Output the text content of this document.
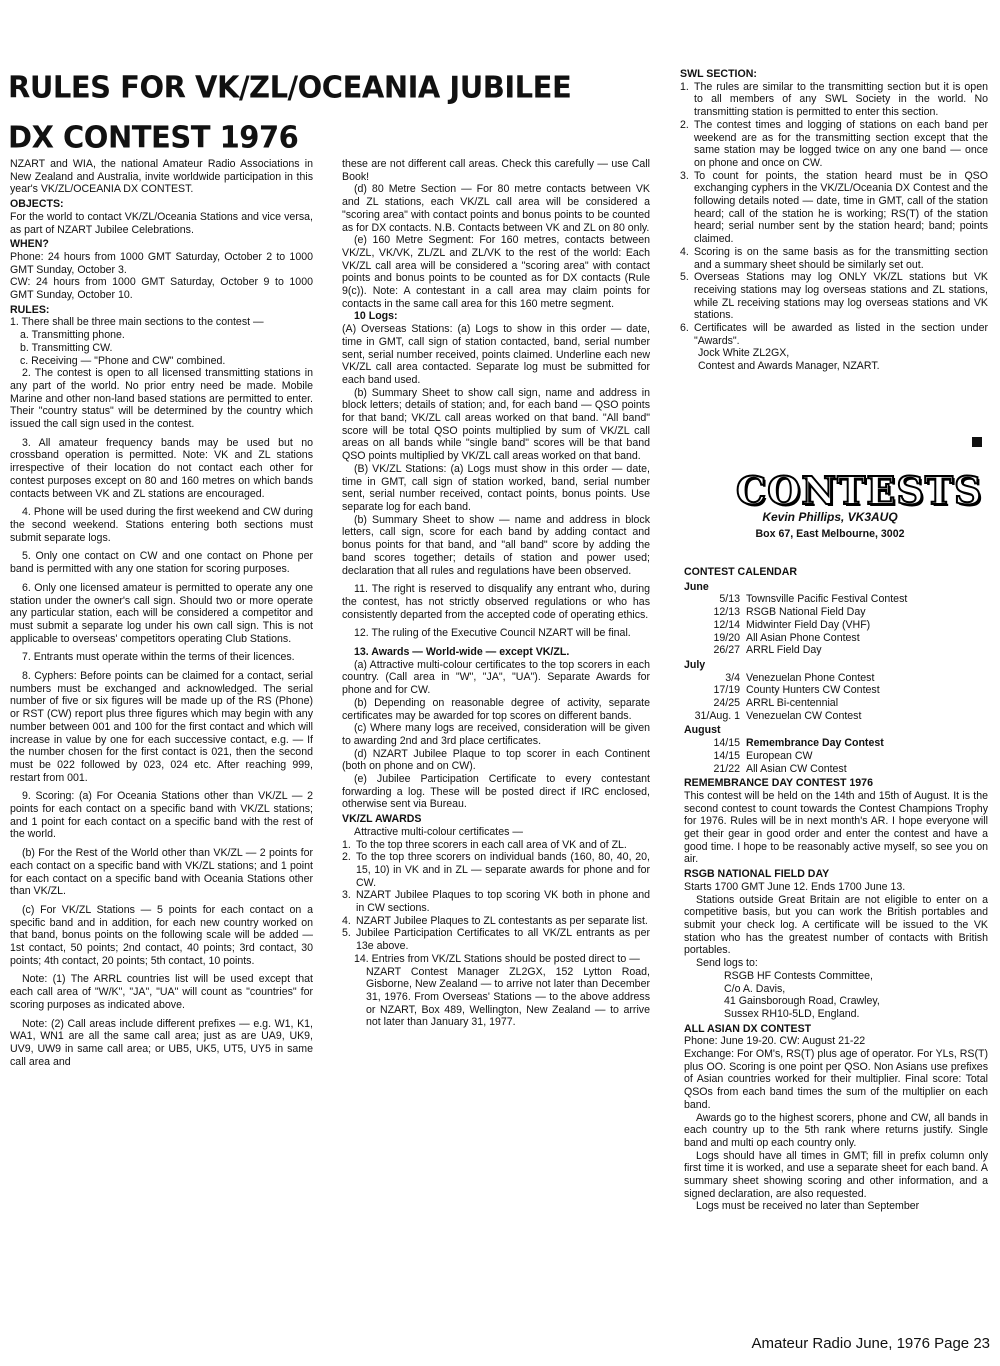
RULES FOR VK/ZL/OCEANIA JUBILEE
DX CONTEST 1976

NZART and WIA, the national Amateur Radio Associations in New Zealand and Australia, invite worldwide participation in this year's VK/ZL/OCEANIA DX CONTEST.

OBJECTS:

For the world to contact VK/ZL/Oceania Stations and vice versa, as part of NZART Jubilee Celebrations.

WHEN?

Phone: 24 hours from 1000 GMT Saturday, October 2 to 1000 GMT Sunday, October 3.

CW: 24 hours from 1000 GMT Saturday, October 9 to 1000 GMT Sunday, October 10.

RULES:

1. There shall be three main sections to the contest —

a. Transmitting phone.

b. Transmitting CW.

c. Receiving — "Phone and CW" combined.

2. The contest is open to all licensed transmitting stations in any part of the world. No prior entry need be made. Mobile Marine and other non-land based stations are permitted to enter. Their "country status" will be determined by the country which issued the call sign used in the contest.

3. All amateur frequency bands may be used but no crossband operation is permitted. Note: VK and ZL stations irrespective of their location do not contact each other for contest purposes except on 80 and 160 metres on which bands contacts between VK and ZL stations are encouraged.

4. Phone will be used during the first weekend and CW during the second weekend. Stations entering both sections must submit separate logs.

5. Only one contact on CW and one contact on Phone per band is permitted with any one station for scoring purposes.

6. Only one licensed amateur is permitted to operate any one station under the owner's call sign. Should two or more operate any particular station, each will be considered a competitor and must submit a separate log under his own call sign. This is not applicable to overseas' competitors operating Club Stations.

7. Entrants must operate within the terms of their licences.

8. Cyphers: Before points can be claimed for a contact, serial numbers must be exchanged and acknowledged. The serial number of five or six figures will be made up of the RS (Phone) or RST (CW) report plus three figures which may begin with any number between 001 and 100 for the first contact and which will increase in value by one for each successive contact, e.g. — If the number chosen for the first contact is 021, then the second must be 022 followed by 023, 024 etc. After reaching 999, restart from 001.

9. Scoring: (a) For Oceania Stations other than VK/ZL — 2 points for each contact on a specific band with VK/ZL stations; and 1 point for each contact on a specific band with the rest of the world.

(b) For the Rest of the World other than VK/ZL — 2 points for each contact on a specific band with VK/ZL stations; and 1 point for each contact on a specific band with Oceania Stations other than VK/ZL.

(c) For VK/ZL Stations — 5 points for each contact on a specific band and in addition, for each new country worked on that band, bonus points on the following scale will be added — 1st contact, 50 points; 2nd contact, 40 points; 3rd contact, 30 points; 4th contact, 20 points; 5th contact, 10 points.

Note: (1) The ARRL countries list will be used except that each call area of "W/K", "JA", "UA" will count as "countries" for scoring purposes as indicated above.

Note: (2) Call areas include different prefixes — e.g. W1, K1, WA1, WN1 are all the same call area; just as are UA9, UK9, UV9, UW9 in same call area; or UB5, UK5, UT5, UY5 in same call area and

these are not different call areas. Check this carefully — use Call Book!

(d) 80 Metre Section — For 80 metre contacts between VK and ZL stations, each VK/ZL call area will be considered a "scoring area" with contact points and bonus points to be counted as for DX contacts. N.B. Contacts between VK and ZL on 80 only.

(e) 160 Metre Segment: For 160 metres, contacts between VK/ZL, VK/VK, ZL/ZL and ZL/VK to the rest of the world: Each VK/ZL call area will be considered a "scoring area" with contact points and bonus points to be counted as for DX contacts (Rule 9(c)). Note: A contestant in a call area may claim points for contacts in the same call area for this 160 metre segment.

10 Logs:

(A) Overseas Stations: (a) Logs to show in this order — date, time in GMT, call sign of station contacted, band, serial number sent, serial number received, points claimed. Underline each new VK/ZL call area contacted. Separate log must be submitted for each band used.

(b) Summary Sheet to show call sign, name and address in block letters; details of station; and, for each band — QSO points for that band; VK/ZL call areas worked on that band. "All band" score will be total QSO points multiplied by sum of VK/ZL call areas on all bands while "single band" scores will be that band QSO points multiplied by VK/ZL call areas worked on that band.

(B) VK/ZL Stations: (a) Logs must show in this order — date, time in GMT, call sign of station worked, band, serial number sent, serial number received, contact points, bonus points. Use separate log for each band.

(b) Summary Sheet to show — name and address in block letters, call sign, score for each band by adding contact and bonus points for that band, and "all band" score by adding the band scores together; details of station and power used; declaration that all rules and regulations have been observed.

11. The right is reserved to disqualify any entrant who, during the contest, has not strictly observed regulations or who has consistently departed from the accepted code of operating ethics.

12. The ruling of the Executive Council NZART will be final.

13. Awards — World-wide — except VK/ZL.

(a) Attractive multi-colour certificates to the top scorers in each country. (Call area in "W", "JA", "UA"). Separate Awards for phone and for CW.

(b) Depending on reasonable degree of activity, separate certificates may be awarded for top scores on different bands.

(c) Where many logs are received, consideration will be given to awarding 2nd and 3rd place certificates.

(d) NZART Jubilee Plaque to top scorer in each Continent (both on phone and on CW).

(e) Jubilee Participation Certificate to every contestant forwarding a log. These will be posted direct if IRC enclosed, otherwise sent via Bureau.

VK/ZL AWARDS

Attractive multi-colour certificates —

1. To the top three scorers in each call area of VK and of ZL.
2. To the top three scorers on individual bands (160, 80, 40, 20, 15, 10) in VK and in ZL — separate awards for phone and for CW.
3. NZART Jubilee Plaques to top scoring VK both in phone and in CW sections.
4. NZART Jubilee Plaques to ZL contestants as per separate list.
5. Jubilee Participation Certificates to all VK/ZL entrants as per 13e above.

14. Entries from VK/ZL Stations should be posted direct to —

NZART Contest Manager ZL2GX, 152 Lytton Road, Gisborne, New Zealand — to arrive not later than December 31, 1976. From Overseas' Stations — to the above address or NZART, Box 489, Wellington, New Zealand — to arrive not later than January 31, 1977.

SWL SECTION:
1. The rules are similar to the transmitting section but it is open to all members of any SWL Society in the world. No transmitting station is permitted to enter this section.
2. The contest times and logging of stations on each band per weekend are as for the transmitting section except that the same station may be logged twice on any one band — once on phone and once on CW.
3. To count for points, the station heard must be in QSO exchanging cyphers in the VK/ZL/Oceania DX Contest and the following details noted — date, time in GMT, call of the station heard; call of the station he is working; RS(T) of the station heard; serial number sent by the station heard; band; points claimed.
4. Scoring is on the same basis as for the transmitting section and a summary sheet should be similarly set out.
5. Overseas Stations may log ONLY VK/ZL stations but VK receiving stations may log overseas stations and ZL stations, while ZL receiving stations may log overseas stations and VK stations.
6. Certificates will be awarded as listed in the section under "Awards".

Jock White ZL2GX,

Contest and Awards Manager, NZART.

CONTESTS
Kevin Phillips, VK3AUQ
Box 67, East Melbourne, 3002
CONTEST CALENDAR
June
5/13 Townsville Pacific Festival Contest
12/13 RSGB National Field Day
12/14 Midwinter Field Day (VHF)
19/20 All Asian Phone Contest
26/27 ARRL Field Day
July
3/4 Venezuelan Phone Contest
17/19 County Hunters CW Contest
24/25 ARRL Bi-centennial
31/Aug. 1 Venezuelan CW Contest
August
14/15 Remembrance Day Contest
14/15 European CW
21/22 All Asian CW Contest
REMEMBRANCE DAY CONTEST 1976

This contest will be held on the 14th and 15th of August. It is the second contest to count towards the Contest Champions Trophy for 1976. Rules will be in next month's AR. I hope everyone will get their gear in good order and enter the contest and have a good time. I hope to be reasonably active myself, so see you on air.

RSGB NATIONAL FIELD DAY

Starts 1700 GMT June 12. Ends 1700 June 13.

Stations outside Great Britain are not eligible to enter on a competitive basis, but you can work the British portables and submit your check log. A certificate will be issued to the VK station who has the greatest number of contacts with British portables.

Send logs to:

RSGB HF Contests Committee,
C/o A. Davis,
41 Gainsborough Road, Crawley,
Sussex RH10-5LD, England.
ALL ASIAN DX CONTEST

Phone: June 19-20. CW: August 21-22

Exchange: For OM's, RS(T) plus age of operator. For YLs, RS(T) plus OO. Scoring is one point per QSO. Non Asians use prefixes of Asian countries worked for their multiplier. Final score: Total QSOs from each band times the sum of the multiplier on each band.

Awards go to the highest scorers, phone and CW, all bands in each country up to the 5th rank where returns justify. Single band and multi op each country only.

Logs should have all times in GMT; fill in prefix column only first time it is worked, and use a separate sheet for each band. A summary sheet showing scoring and other information, and a signed declaration, are also requested.

Logs must be received no later than September

Amateur Radio June, 1976 Page 23
